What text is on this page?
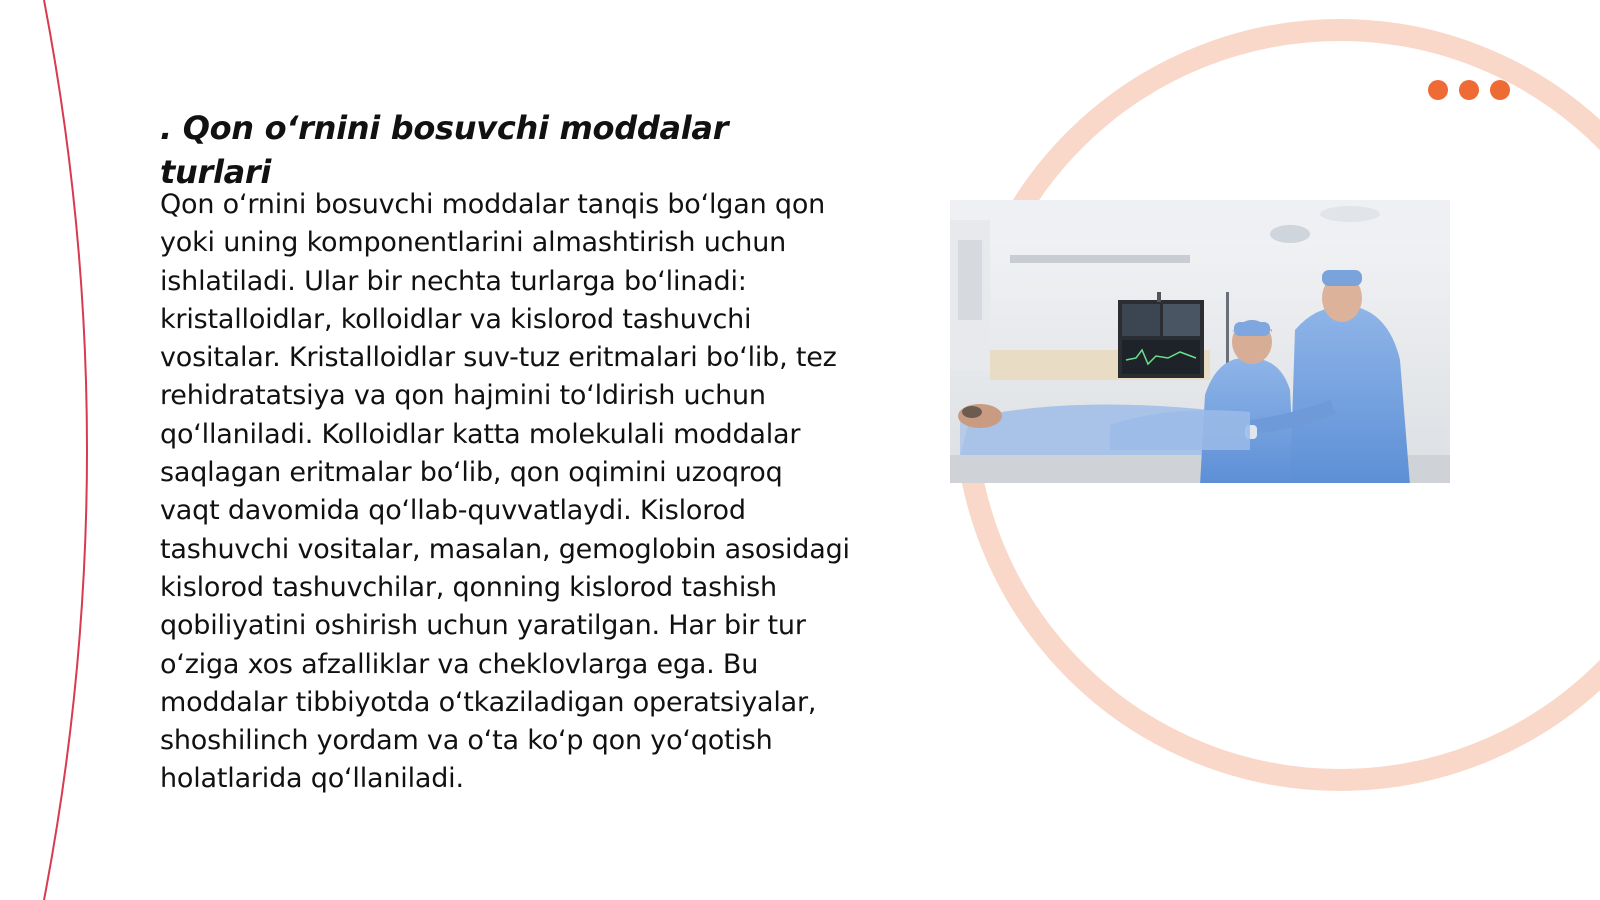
. Qon o‘rnini bosuvchi moddalar turlari

Qon o‘rnini bosuvchi moddalar tanqis bo‘lgan qon yoki uning komponentlarini almashtirish uchun ishlatiladi. Ular bir nechta turlarga bo‘linadi: kristalloidlar, kolloidlar va kislorod tashuvchi vositalar. Kristalloidlar suv-tuz eritmalari bo‘lib, tez rehidratatsiya va qon hajmini to‘ldirish uchun qo‘llaniladi. Kolloidlar katta molekulali moddalar saqlagan eritmalar bo‘lib, qon oqimini uzoqroq vaqt davomida qo‘llab-quvvatlaydi. Kislorod tashuvchi vositalar, masalan, gemoglobin asosidagi kislorod tashuvchilar, qonning kislorod tashish qobiliyatini oshirish uchun yaratilgan. Har bir tur o‘ziga xos afzalliklar va cheklovlarga ega. Bu moddalar tibbiyotda o‘tkaziladigan operatsiyalar, shoshilinch yordam va o‘ta ko‘p qon yo‘qotish holatlarida qo‘llaniladi.
